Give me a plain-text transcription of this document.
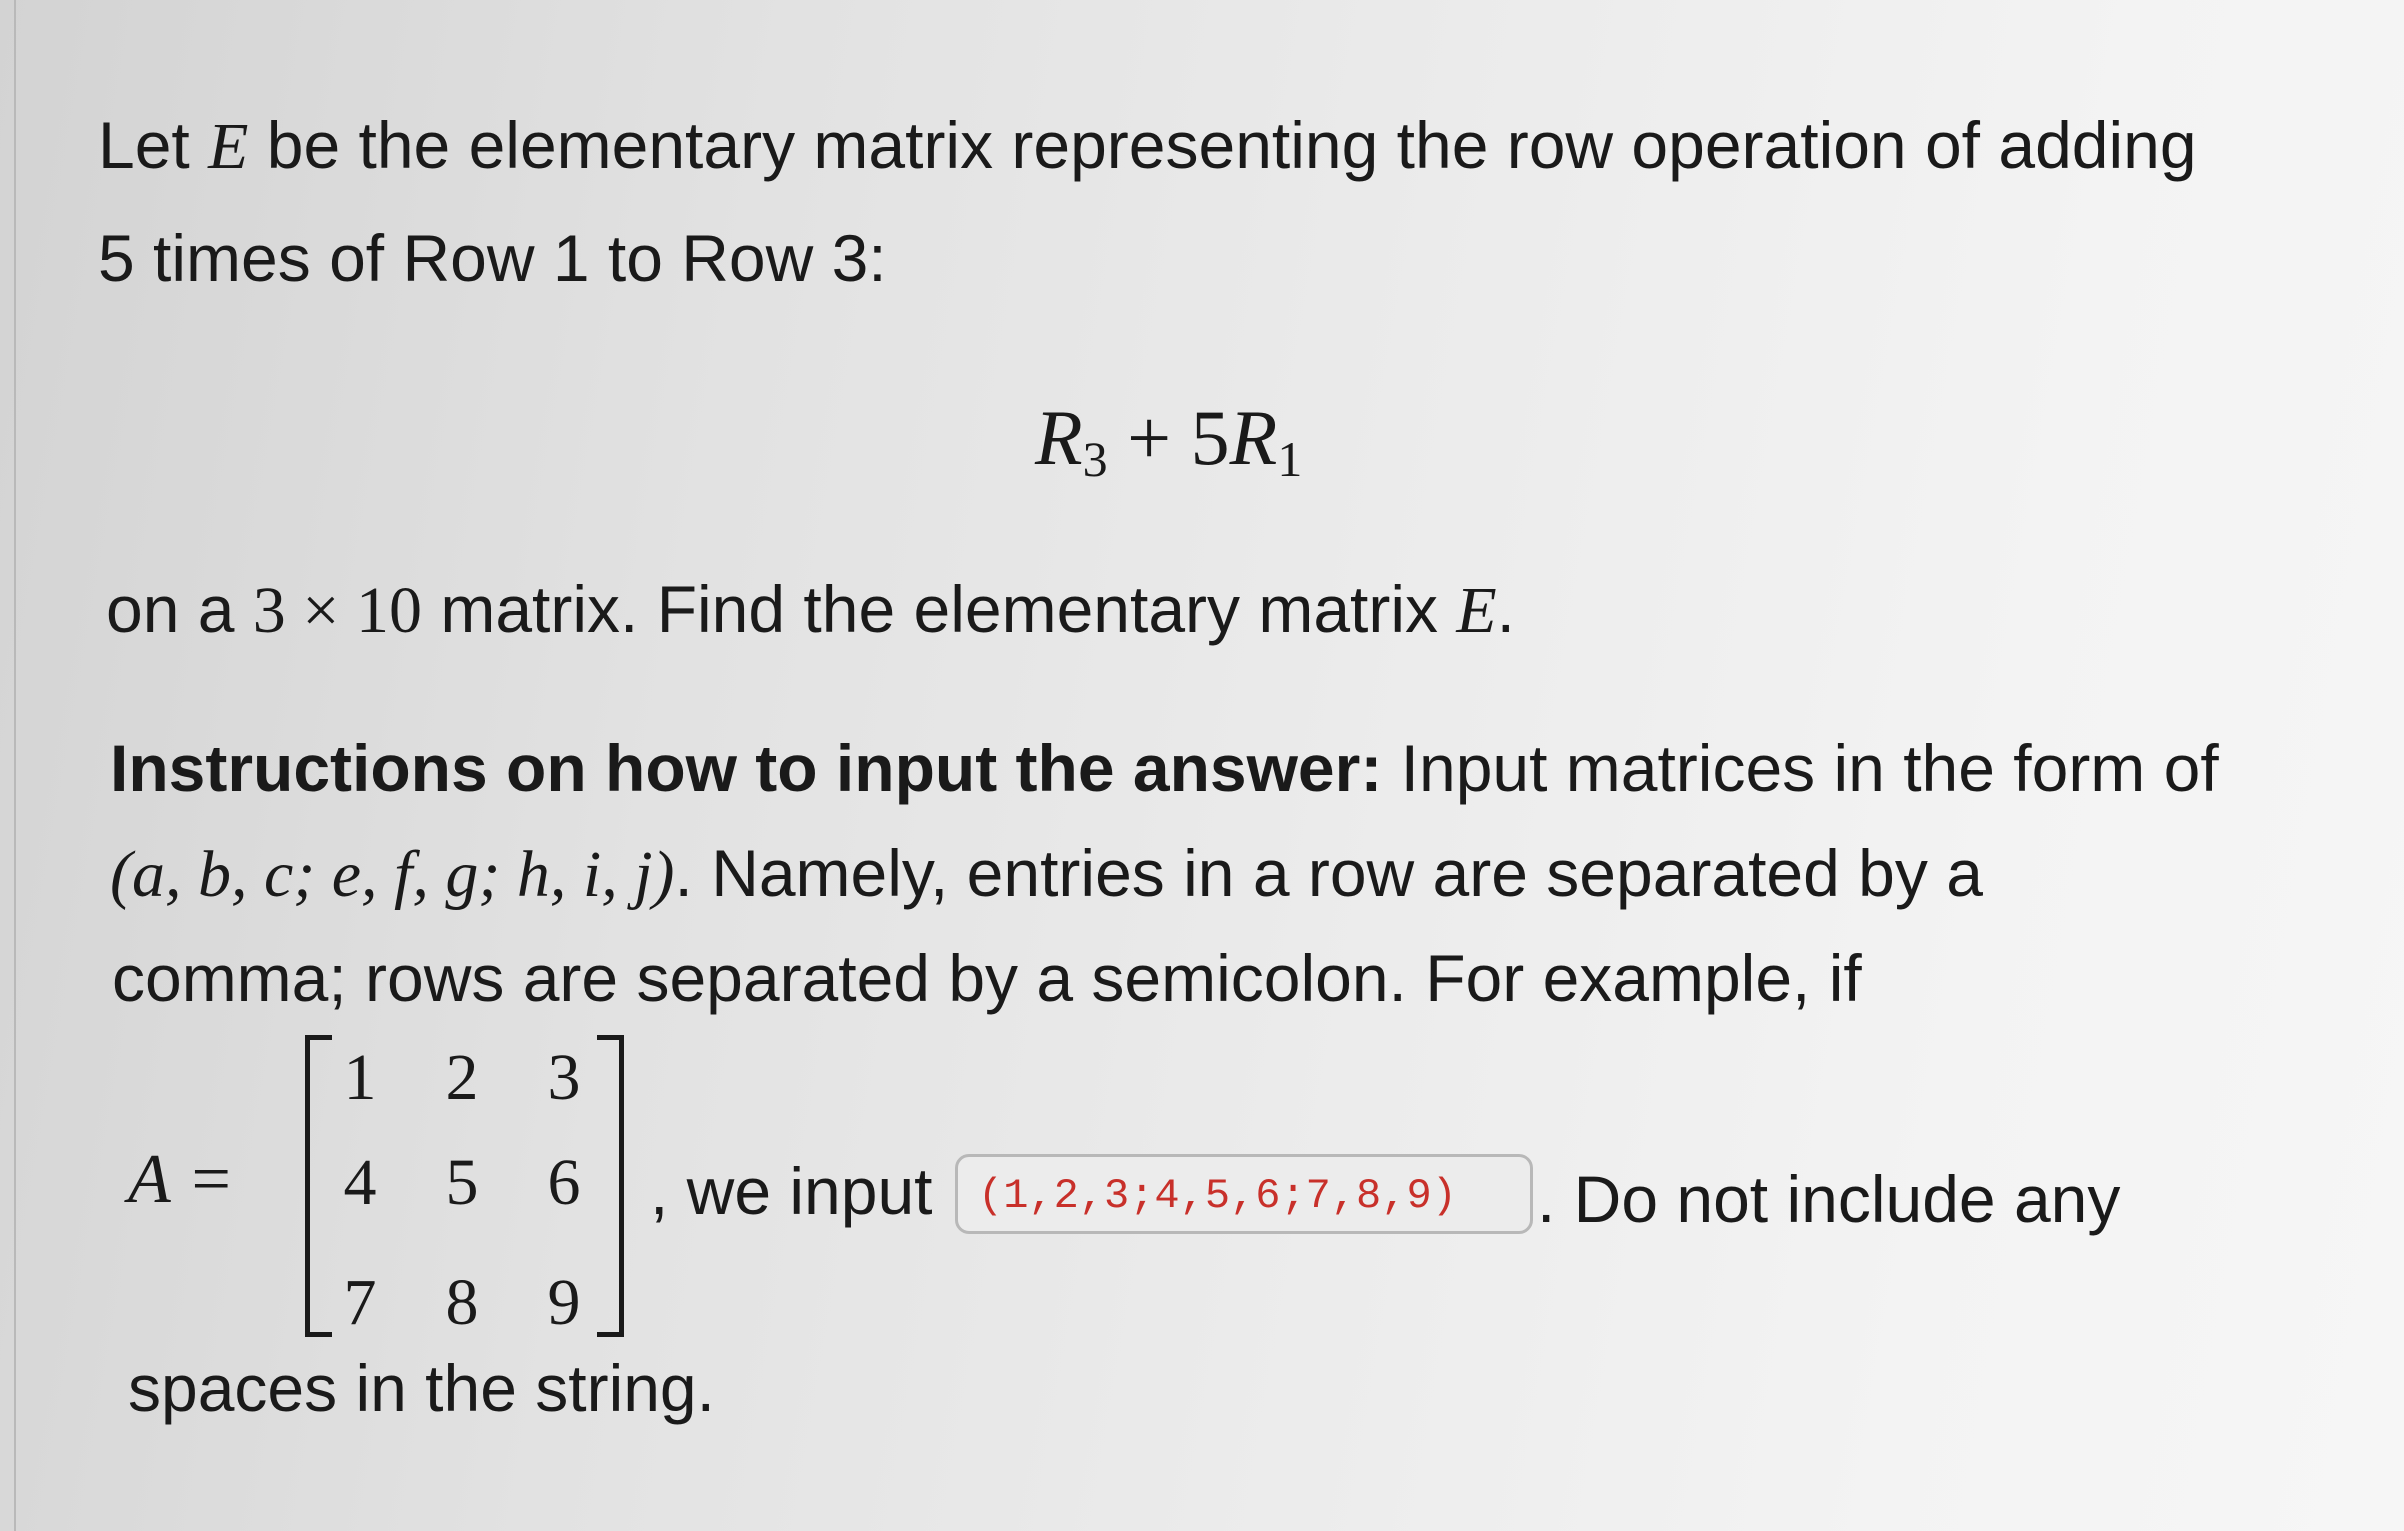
Let E be the elementary matrix representing the row operation of adding
5 times of Row 1 to Row 3:
$R_3 + 5R_1$
on a 3 × 10 matrix. Find the elementary matrix E.
Instructions on how to input the answer: Input matrices in the form of
(a, b, c; e, f, g; h, i, j). Namely, entries in a row are separated by a
comma; rows are separated by a semicolon. For example, if
A =
1 2 3
4 5 6
7 8 9
, we input (1,2,3;4,5,6;7,8,9) . Do not include any
spaces in the string.
